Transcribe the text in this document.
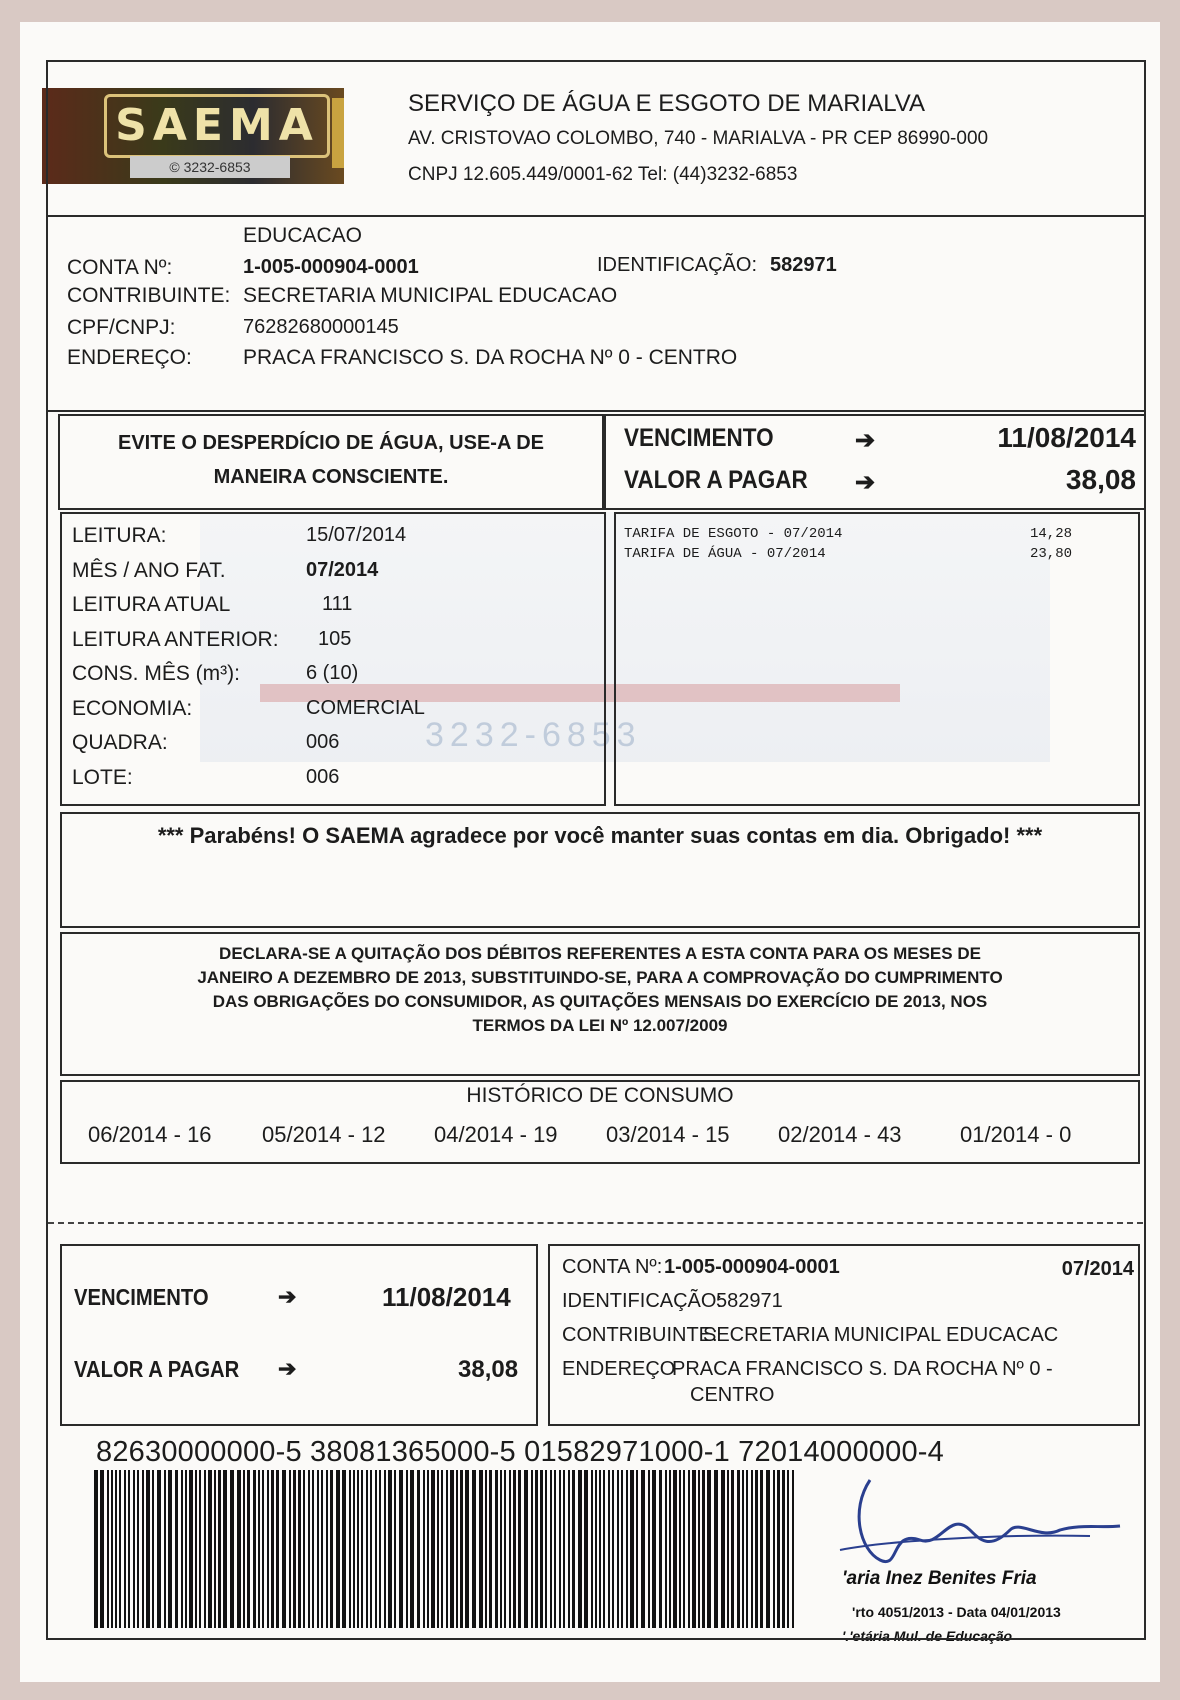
SAEMA
© 3232-6853
SERVIÇO DE ÁGUA E ESGOTO DE MARIALVA
AV. CRISTOVAO COLOMBO, 740 - MARIALVA - PR CEP 86990-000
CNPJ 12.605.449/0001-62 Tel: (44)3232-6853
EDUCACAO
CONTA Nº:	1-005-000904-0001	IDENTIFICAÇÃO: 582971
CONTRIBUINTE: SECRETARIA MUNICIPAL EDUCACAO
CPF/CNPJ:	76282680000145
ENDEREÇO: PRACA FRANCISCO S. DA ROCHA Nº 0 - CENTRO
EVITE O DESPERDÍCIO DE ÁGUA, USE-A DE
MANEIRA CONSCIENTE.
VENCIMENTO	➔	11/08/2014
VALOR A PAGAR ➔	38,08
3232-6853
LEITURA:	15/07/2014
MÊS / ANO FAT.	07/2014
LEITURA ATUAL	111
LEITURA ANTERIOR: 105
CONS. MÊS (m³):	6 (10)
ECONOMIA:	COMERCIAL
QUADRA:	006
LOTE:	006
TARIFA DE ESGOTO - 07/2014	14,28
TARIFA DE ÁGUA - 07/2014	23,80
*** Parabéns! O SAEMA agradece por você manter suas contas em dia. Obrigado! ***
DECLARA-SE A QUITAÇÃO DOS DÉBITOS REFERENTES A ESTA CONTA PARA OS MESES DE
JANEIRO A DEZEMBRO DE 2013, SUBSTITUINDO-SE, PARA A COMPROVAÇÃO DO CUMPRIMENTO
DAS OBRIGAÇÕES DO CONSUMIDOR, AS QUITAÇÕES MENSAIS DO EXERCÍCIO DE 2013, NOS
TERMOS DA LEI Nº 12.007/2009
HISTÓRICO DE CONSUMO
06/2014 - 16 05/2014 - 12 04/2014 - 19 03/2014 - 15 02/2014 - 43	01/2014 - 0
VENCIMENTO	➔	11/08/2014
VALOR A PAGAR ➔	38,08
CONTA Nº: 1-005-000904-0001	07/2014
IDENTIFICAÇÃO:
582971
CONTRIBUINTE:
SECRETARIA MUNICIPAL EDUCACAC
ENDEREÇO
PRACA FRANCISCO S. DA ROCHA Nº 0 -
CENTRO
82630000000-5 38081365000-5 01582971000-1 72014000000-4
'aria Inez Benites Fria
'rto 4051/2013 - Data 04/01/2013
'.'etária Mul. de Educação
